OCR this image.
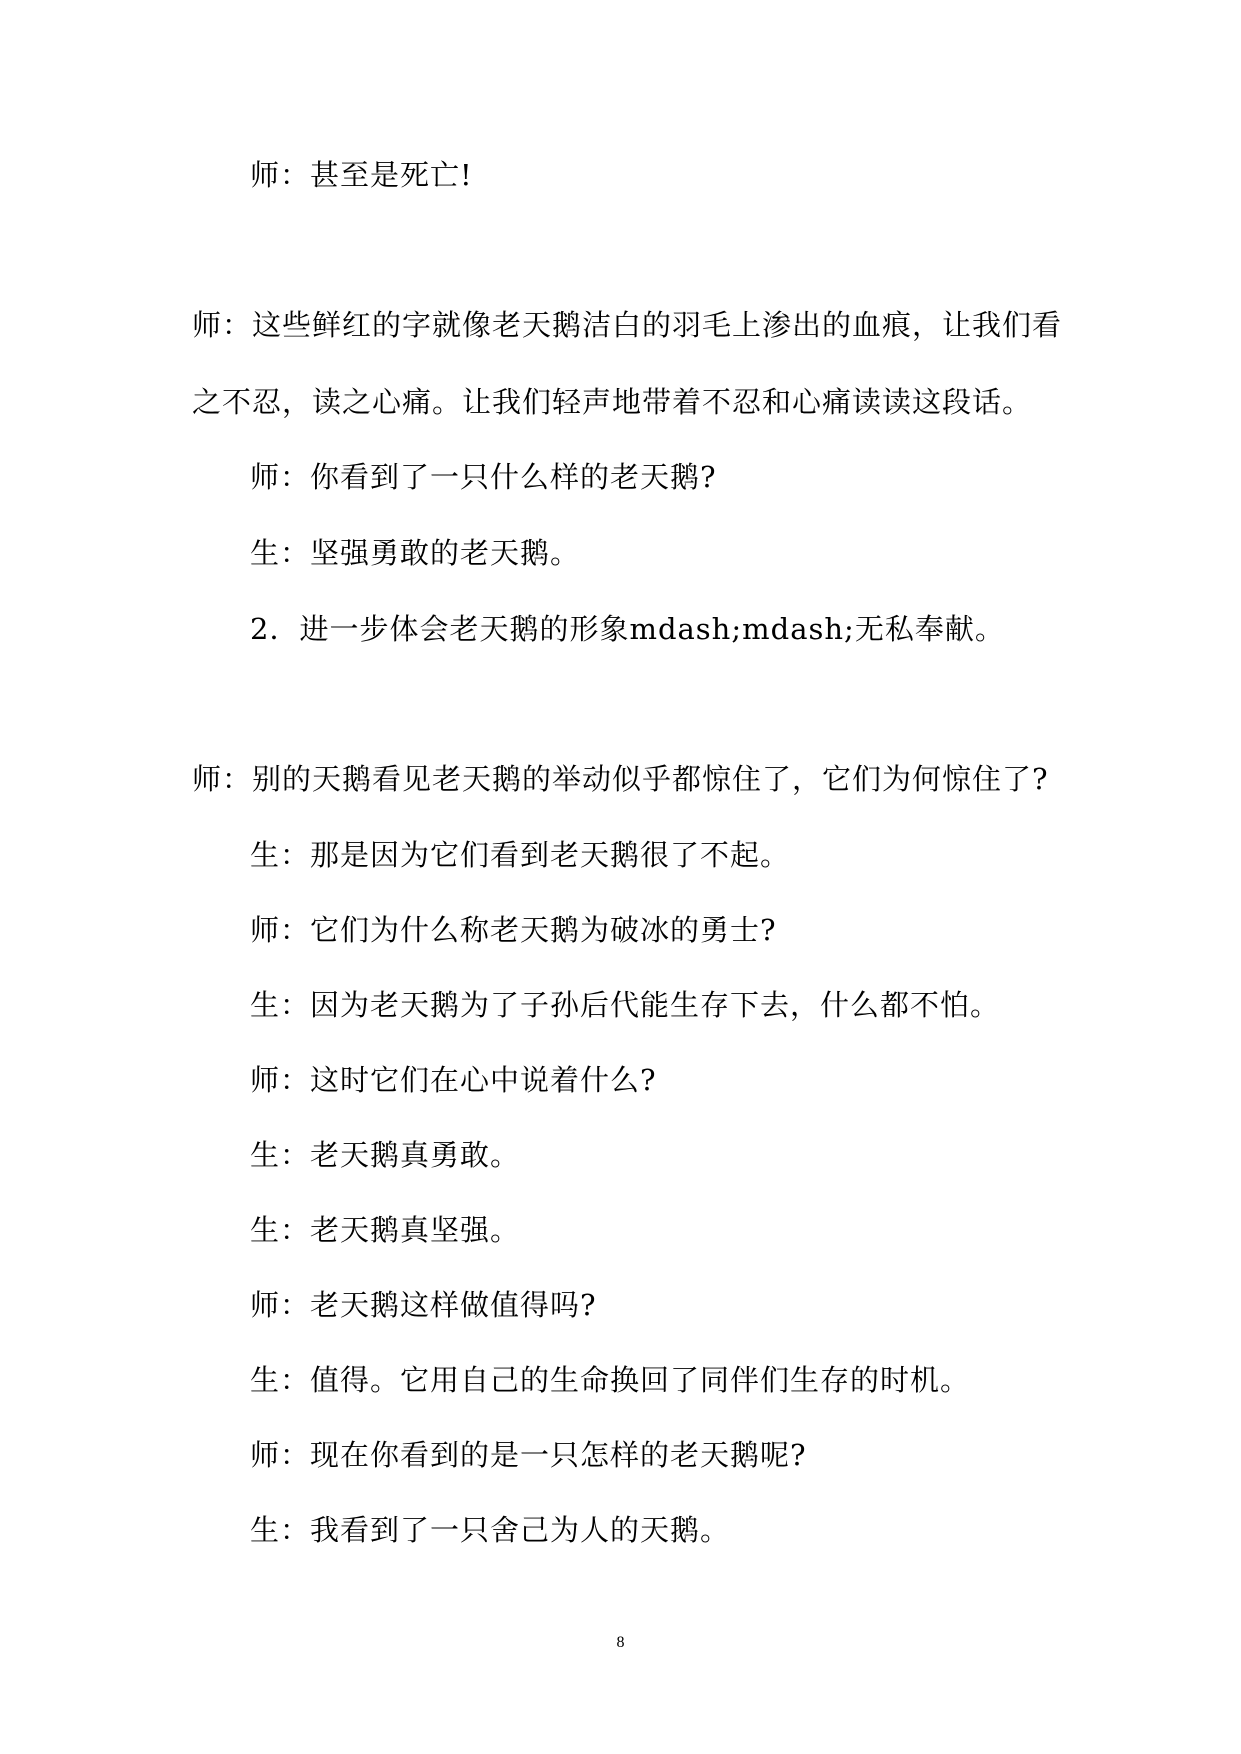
师：甚至是死亡!
师：这些鲜红的字就像老天鹅洁白的羽毛上渗出的血痕，让我们看
之不忍，读之心痛。让我们轻声地带着不忍和心痛读读这段话。
师：你看到了一只什么样的老天鹅?
生：坚强勇敢的老天鹅。
2．进一步体会老天鹅的形象mdash;mdash;无私奉献。
师：别的天鹅看见老天鹅的举动似乎都惊住了，它们为何惊住了?
生：那是因为它们看到老天鹅很了不起。
师：它们为什么称老天鹅为破冰的勇士?
生：因为老天鹅为了子孙后代能生存下去，什么都不怕。
师：这时它们在心中说着什么?
生：老天鹅真勇敢。
生：老天鹅真坚强。
师：老天鹅这样做值得吗?
生：值得。它用自己的生命换回了同伴们生存的时机。
师：现在你看到的是一只怎样的老天鹅呢?
生：我看到了一只舍己为人的天鹅。
8
